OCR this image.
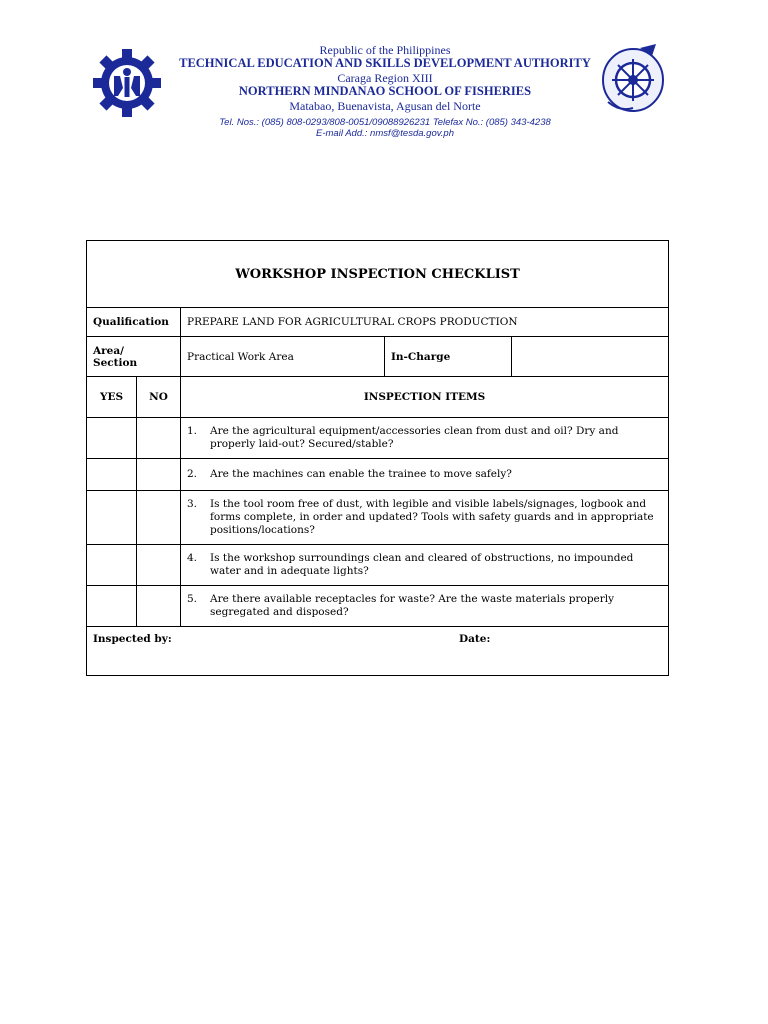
Republic of the Philippines
TECHNICAL EDUCATION AND SKILLS DEVELOPMENT AUTHORITY
Caraga Region XIII
NORTHERN MINDANAO SCHOOL OF FISHERIES
Matabao, Buenavista, Agusan del Norte
Tel. Nos.: (085) 808-0293/808-0051/09088926231 Telefax No.: (085) 343-4238
E-mail Add.: nmsf@tesda.gov.ph
WORKSHOP INSPECTION CHECKLIST				
Qualification		PREPARE LAND FOR AGRICULTURAL CROPS PRODUCTION		

Area/
Section		Practical Work Area	In-Charge	
YES	NO	INSPECTION ITEMS		

		1. Are the agricultural equipment/accessories clean from dust and oil? Dry and properly laid-out? Secured/stable?		

		2. Are the machines can enable the trainee to move safely?		

		3. Is the tool room free of dust, with legible and visible labels/signages, logbook and forms complete, in order and updated? Tools with safety guards and in appropriate positions/locations?		

		4. Is the workshop surroundings clean and cleared of obstructions, no impounded water and in adequate lights?		

		5. Are there available receptacles for waste? Are the waste materials properly segregated and disposed?		

Inspected by: Date:				
